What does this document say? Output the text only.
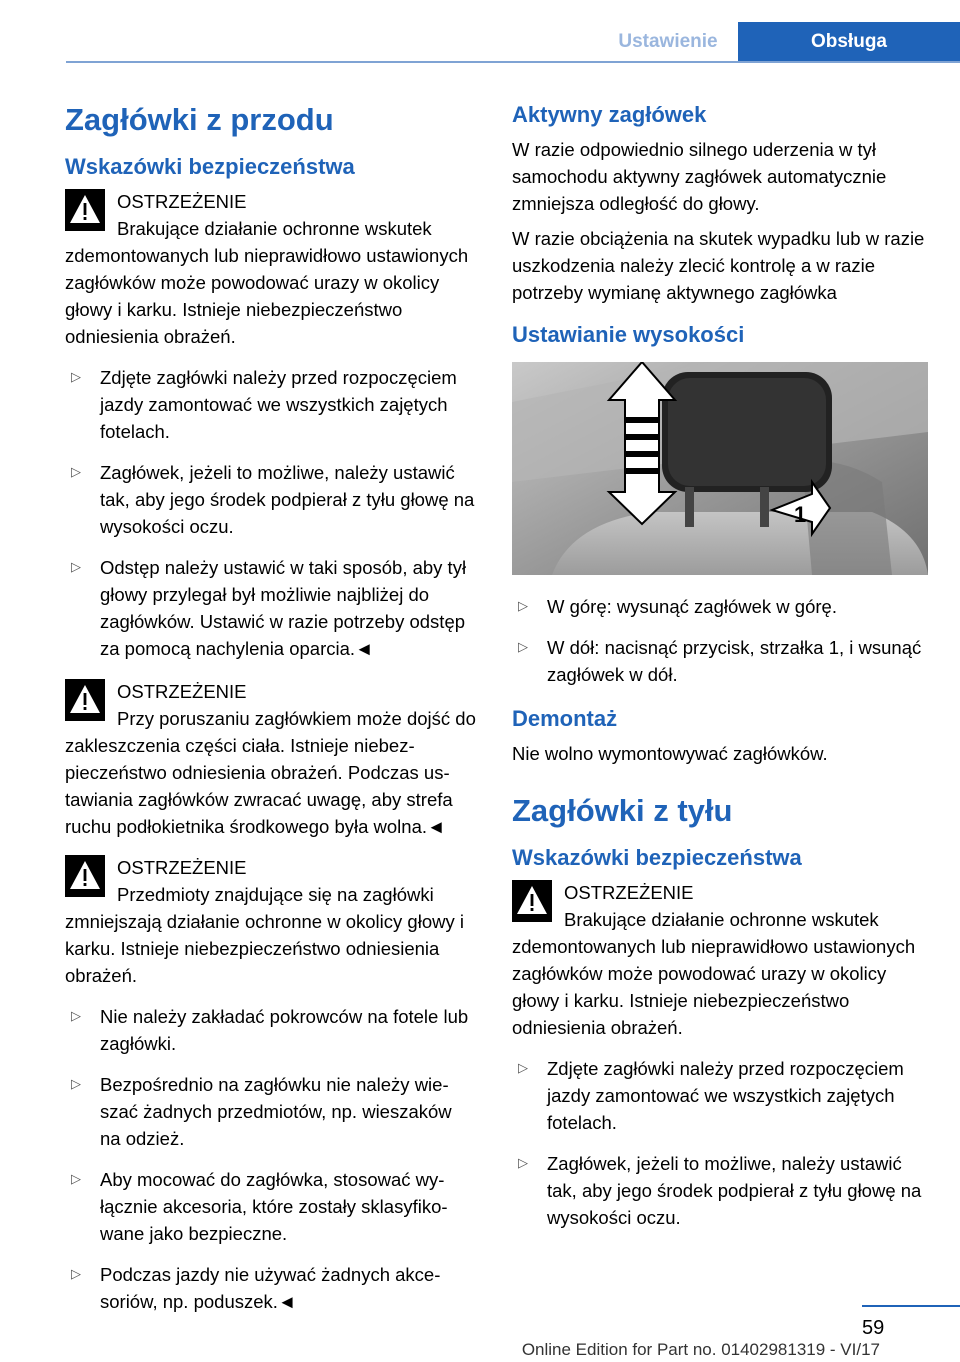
Ustawienie	Obsługa
Zagłówki z przodu
Wskazówki bezpieczeństwa
OSTRZEŻENIE
Brakujące działanie ochronne wskutek zdemontowanych lub nieprawidłowo ustawionych zagłówków może powodować urazy w okolicy głowy i karku. Istnieje niebezpieczeństwo odniesienia obrażeń.
▷ Zdjęte zagłówki należy przed rozpoczęciem jazdy zamontować we wszystkich zajętych fotelach.
▷ Zagłówek, jeżeli to możliwe, należy ustawić tak, aby jego środek podpierał z tyłu głowę na wysokości oczu.
▷ Odstęp należy ustawić w taki sposób, aby tył głowy przylegał był możliwie najbliżej do zagłówków. Ustawić w razie potrzeby odstęp za pomocą nachylenia oparcia.◄
OSTRZEŻENIE
Przy poruszaniu zagłówkiem może dojść do zakleszczenia części ciała. Istnieje niebezpieczeństwo odniesienia obrażeń. Podczas ustawiania zagłówków zwracać uwagę, aby strefa ruchu podłokietnika środkowego była wolna.◄
OSTRZEŻENIE
Przedmioty znajdujące się na zagłówki zmniejszają działanie ochronne w okolicy głowy i karku. Istnieje niebezpieczeństwo odniesienia obrażeń.
▷ Nie należy zakładać pokrowców na fotele lub zagłówki.
▷ Bezpośrednio na zagłówku nie należy wieszać żadnych przedmiotów, np. wieszaków na odzież.
▷ Aby mocować do zagłówka, stosować wyłącznie akcesoria, które zostały sklasyfikowane jako bezpieczne.
▷ Podczas jazdy nie używać żadnych akcesoriów, np. poduszek.◄
Aktywny zagłówek
W razie odpowiednio silnego uderzenia w tył samochodu aktywny zagłówek automatycznie zmniejsza odległość do głowy.
W razie obciążenia na skutek wypadku lub w razie uszkodzenia należy zlecić kontrolę a w razie potrzeby wymianę aktywnego zagłówka
Ustawianie wysokości
1
▷ W górę: wysunąć zagłówek w górę.
▷ W dół: nacisnąć przycisk, strzałka 1, i wsunąć zagłówek w dół.
Demontaż
Nie wolno wymontowywać zagłówków.
Zagłówki z tyłu
Wskazówki bezpieczeństwa
OSTRZEŻENIE
Brakujące działanie ochronne wskutek zdemontowanych lub nieprawidłowo ustawionych zagłówków może powodować urazy w okolicy głowy i karku. Istnieje niebezpieczeństwo odniesienia obrażeń.
▷ Zdjęte zagłówki należy przed rozpoczęciem jazdy zamontować we wszystkich zajętych fotelach.
▷ Zagłówek, jeżeli to możliwe, należy ustawić tak, aby jego środek podpierał z tyłu głowę na wysokości oczu.
59
Online Edition for Part no. 01402981319 - VI/17
